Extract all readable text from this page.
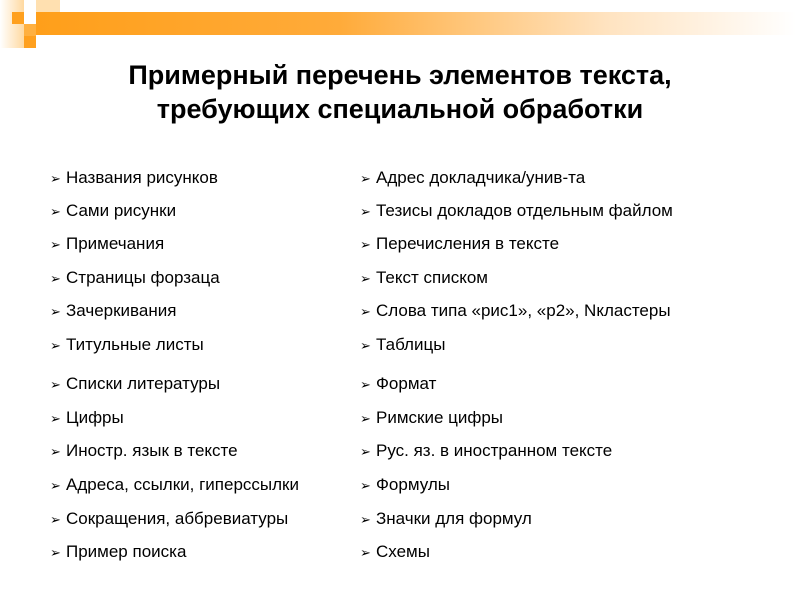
Примерный перечень элементов текста,
требующих специальной обработки
➢ Названия рисунков
➢ Сами рисунки
➢ Примечания
➢ Страницы форзаца
➢ Зачеркивания
➢ Титульные листы
➢ Списки литературы
➢ Цифры
➢ Иностр. язык в тексте
➢ Адреса, ссылки, гиперссылки
➢ Сокращения, аббревиатуры
➢ Пример поиска
➢ Адрес докладчика/унив-та
➢ Тезисы докладов отдельным файлом
➢ Перечисления в тексте
➢ Текст списком
➢ Слова типа «рис1», «р2», Nкластеры
➢ Таблицы
➢ Формат
➢ Римские цифры
➢ Рус. яз. в иностранном тексте
➢ Формулы
➢ Значки для формул
➢ Схемы
